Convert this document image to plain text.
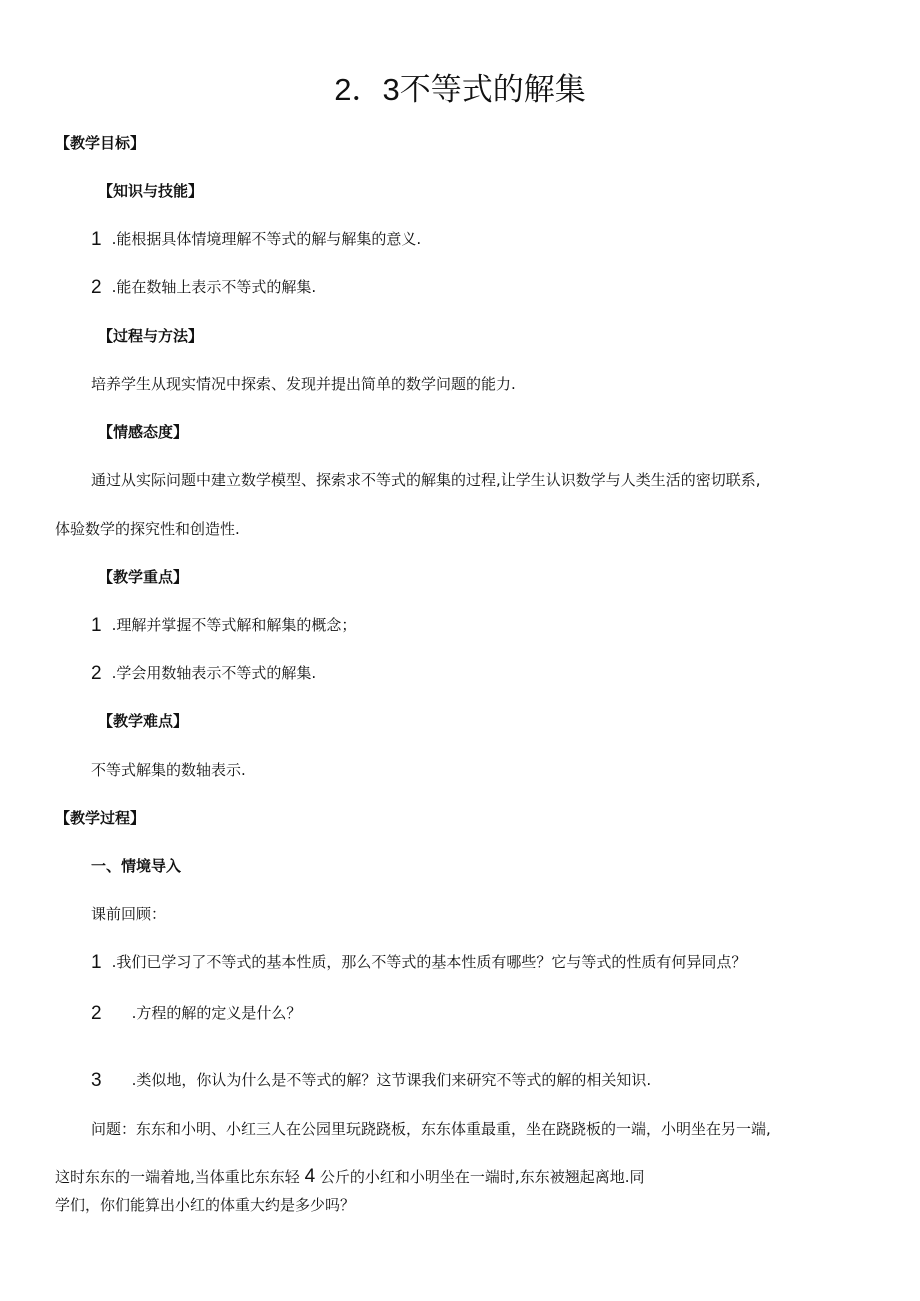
2．3不等式的解集

【教学目标】

【知识与技能】

1 .能根据具体情境理解不等式的解与解集的意义.

2 .能在数轴上表示不等式的解集.

【过程与方法】

培养学生从现实情况中探索、发现并提出简单的数学问题的能力.

【情感态度】

通过从实际问题中建立数学模型、探索求不等式的解集的过程,让学生认识数学与人类生活的密切联系,

体验数学的探究性和创造性.

【教学重点】

1 .理解并掌握不等式解和解集的概念；

2 .学会用数轴表示不等式的解集.

【教学难点】

不等式解集的数轴表示.

【教学过程】

一、情境导入

课前回顾：

1 .我们已学习了不等式的基本性质，那么不等式的基本性质有哪些？它与等式的性质有何异同点？

2 .方程的解的定义是什么？

3 .类似地，你认为什么是不等式的解？这节课我们来研究不等式的解的相关知识.

问题：东东和小明、小红三人在公园里玩跷跷板，东东体重最重，坐在跷跷板的一端，小明坐在另一端,

这时东东的一端着地,当体重比东东轻 4 公斤的小红和小明坐在一端时,东东被翘起离地.同

学们，你们能算出小红的体重大约是多少吗？
